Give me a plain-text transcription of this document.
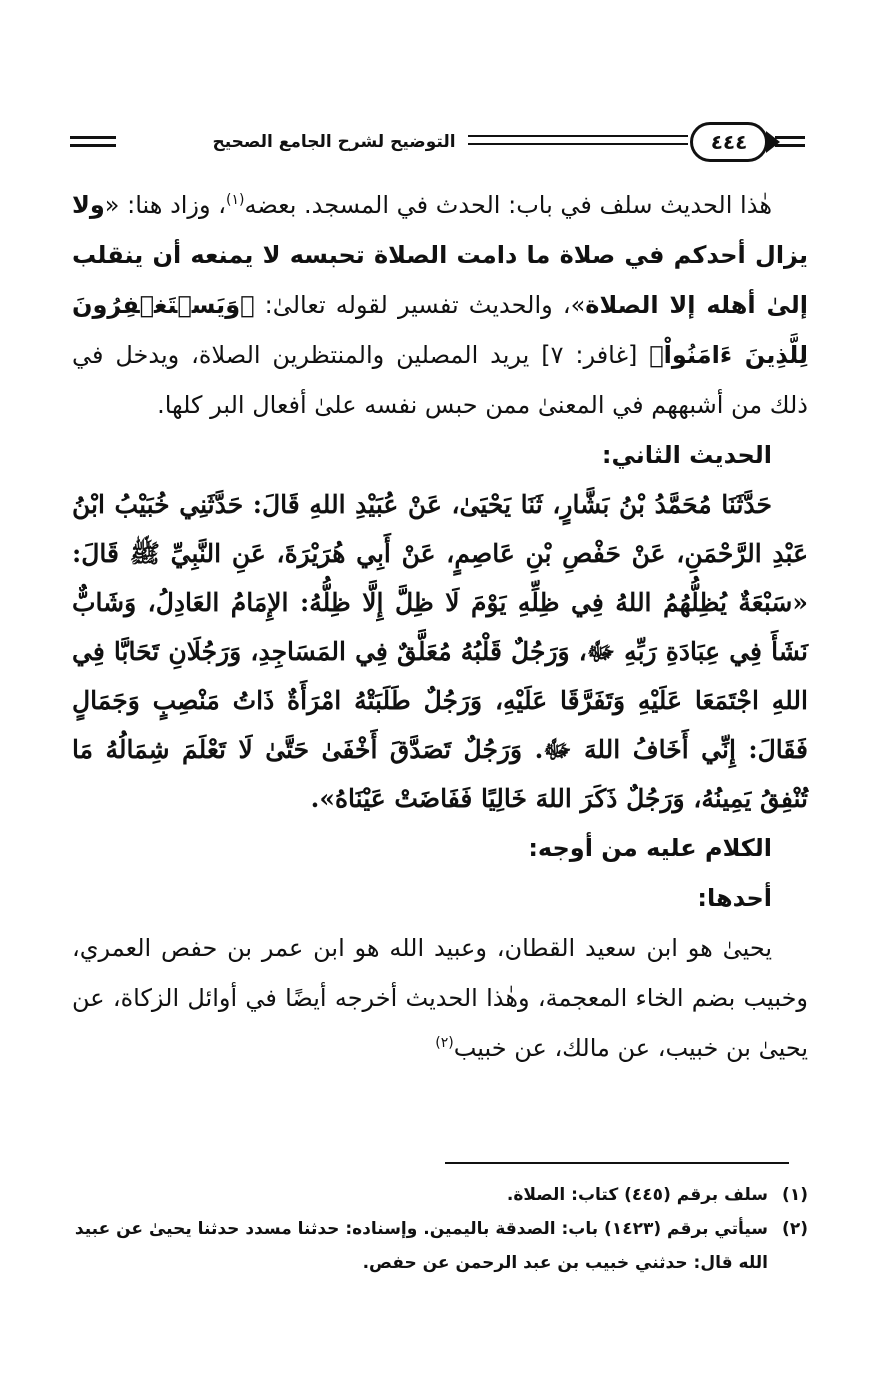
التوضيح لشرح الجامع الصحيح	٤٤٤

هٰذا الحديث سلف في باب: الحدث في المسجد. بعضه$^{(١)}$، وزاد هنا: «ولا يزال أحدكم في صلاة ما دامت الصلاة تحبسه لا يمنعه أن ينقلب إلىٰ أهله إلا الصلاة»، والحديث تفسير لقوله تعالىٰ: ﴿وَيَسۡتَغۡفِرُونَ لِلَّذِينَ ءَامَنُواْ﴾ [غافر: ٧] يريد المصلين والمنتظرين الصلاة، ويدخل في ذلك من أشبههم في المعنىٰ ممن حبس نفسه علىٰ أفعال البر كلها.

الحديث الثاني:

حَدَّثَنَا مُحَمَّدُ بْنُ بَشَّارٍ، ثَنَا يَحْيَىٰ، عَنْ عُبَيْدِ اللهِ قَالَ: حَدَّثَنِي خُبَيْبُ ابْنُ عَبْدِ الرَّحْمَنِ، عَنْ حَفْصِ بْنِ عَاصِمٍ، عَنْ أَبِي هُرَيْرَةَ، عَنِ النَّبِيِّ ﷺ قَالَ: «سَبْعَةٌ يُظِلُّهُمُ اللهُ فِي ظِلِّهِ يَوْمَ لَا ظِلَّ إِلَّا ظِلُّهُ: الإِمَامُ العَادِلُ، وَشَابٌّ نَشَأَ فِي عِبَادَةِ رَبِّهِ ﷻ، وَرَجُلٌ قَلْبُهُ مُعَلَّقٌ فِي المَسَاجِدِ، وَرَجُلَانِ تَحَابَّا فِي اللهِ اجْتَمَعَا عَلَيْهِ وَتَفَرَّقَا عَلَيْهِ، وَرَجُلٌ طَلَبَتْهُ امْرَأَةٌ ذَاتُ مَنْصِبٍ وَجَمَالٍ فَقَالَ: إِنِّي أَخَافُ اللهَ ﷻ. وَرَجُلٌ تَصَدَّقَ أَخْفَىٰ حَتَّىٰ لَا تَعْلَمَ شِمَالُهُ مَا تُنْفِقُ يَمِينُهُ، وَرَجُلٌ ذَكَرَ اللهَ خَالِيًا فَفَاضَتْ عَيْنَاهُ».

الكلام عليه من أوجه:

أحدها:

يحيىٰ هو ابن سعيد القطان، وعبيد الله هو ابن عمر بن حفص العمري، وخبيب بضم الخاء المعجمة، وهٰذا الحديث أخرجه أيضًا في أوائل الزكاة، عن يحيىٰ بن خبيب، عن مالك، عن خبيب$^{(٢)}$

(١)
سلف برقم (٤٤٥) كتاب: الصلاة.

(٢)
سيأتي برقم (١٤٢٣) باب: الصدقة باليمين. وإسناده: حدثنا مسدد حدثنا يحيىٰ عن عبيد الله قال: حدثني خبيب بن عبد الرحمن عن حفص.
